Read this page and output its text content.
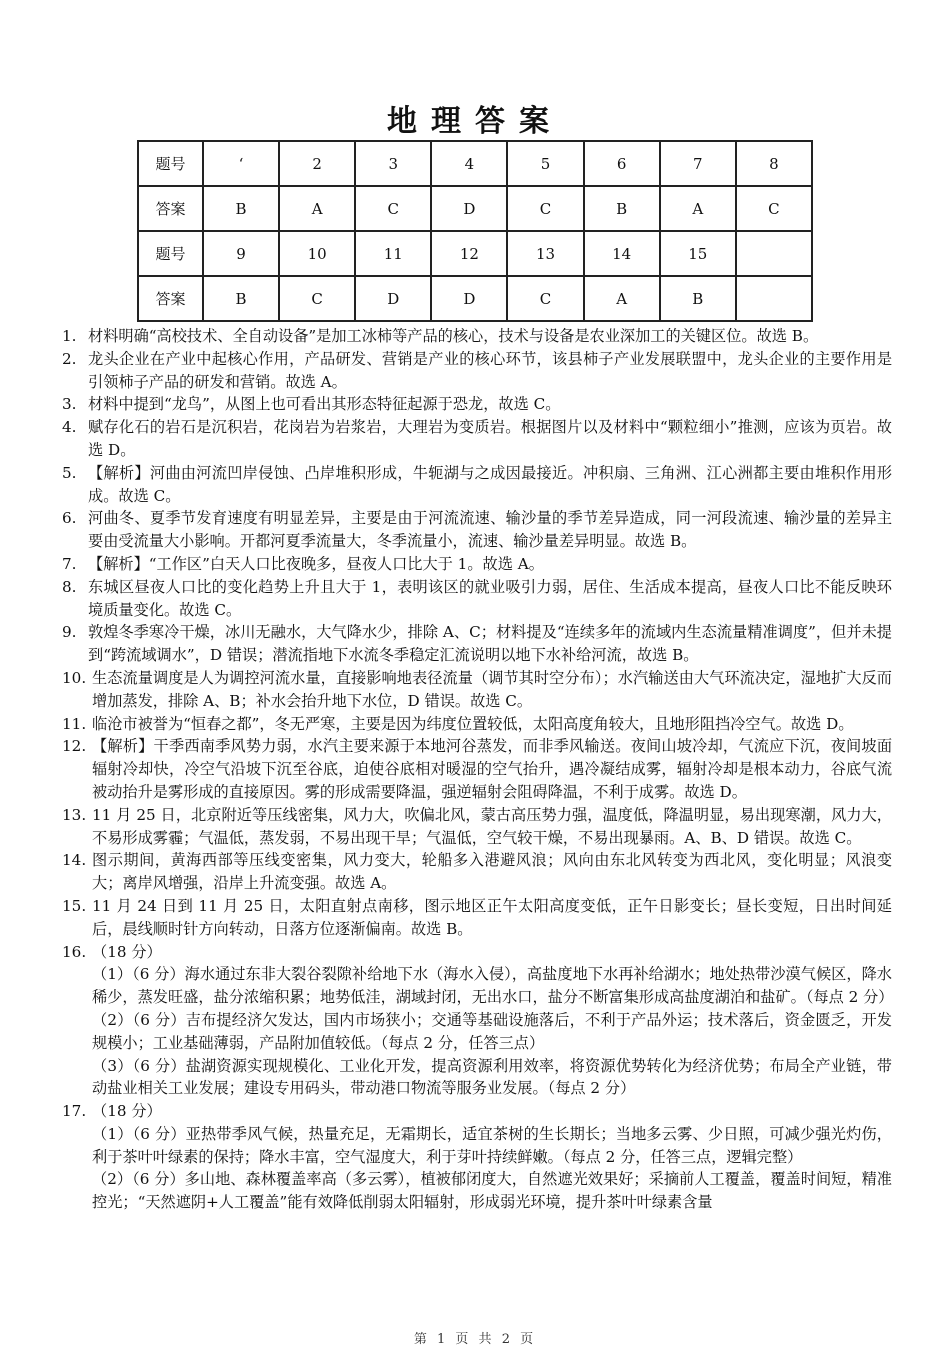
地理答案
题号	‘	2	3	4	5	6	7	8
答案	B	A	C	D	C	B	A	C
题号	9	10	11	12	13	14	15	
答案	B	C	D	D	C	A	B	
1. 材料明确“高校技术、全自动设备”是加工冰柿等产品的核心，技术与设备是农业深加工的关键区位。故选 B。
2. 龙头企业在产业中起核心作用，产品研发、营销是产业的核心环节，该县柿子产业发展联盟中，龙头企业的主要作用是引领柿子产品的研发和营销。故选 A。
3. 材料中提到“龙鸟”，从图上也可看出其形态特征起源于恐龙，故选 C。
4. 赋存化石的岩石是沉积岩，花岗岩为岩浆岩，大理岩为变质岩。根据图片以及材料中“颗粒细小”推测，应该为页岩。故选 D。
5. 【解析】河曲由河流凹岸侵蚀、凸岸堆积形成，牛轭湖与之成因最接近。冲积扇、三角洲、江心洲都主要由堆积作用形成。故选 C。
6. 河曲冬、夏季节发育速度有明显差异，主要是由于河流流速、输沙量的季节差异造成，同一河段流速、输沙量的差异主要由受流量大小影响。开都河夏季流量大，冬季流量小，流速、输沙量差异明显。故选 B。
7. 【解析】“工作区”白天人口比夜晚多，昼夜人口比大于 1。故选 A。
8. 东城区昼夜人口比的变化趋势上升且大于 1，表明该区的就业吸引力弱，居住、生活成本提高，昼夜人口比不能反映环境质量变化。故选 C。
9. 敦煌冬季寒冷干燥，冰川无融水，大气降水少，排除 A、C；材料提及“连续多年的流域内生态流量精准调度”，但并未提到“跨流域调水”，D 错误；潜流指地下水流冬季稳定汇流说明以地下水补给河流，故选 B。
10. 生态流量调度是人为调控河流水量，直接影响地表径流量（调节其时空分布）；水汽输送由大气环流决定，湿地扩大反而增加蒸发，排除 A、B；补水会抬升地下水位，D 错误。故选 C。
11. 临沧市被誉为“恒春之都”，冬无严寒，主要是因为纬度位置较低，太阳高度角较大，且地形阻挡冷空气。故选 D。
12. 【解析】干季西南季风势力弱，水汽主要来源于本地河谷蒸发，而非季风输送。夜间山坡冷却，气流应下沉，夜间坡面辐射冷却快，冷空气沿坡下沉至谷底，迫使谷底相对暖湿的空气抬升，遇冷凝结成雾，辐射冷却是根本动力，谷底气流被动抬升是雾形成的直接原因。雾的形成需要降温，强逆辐射会阻碍降温，不利于成雾。故选 D。
13. 11 月 25 日，北京附近等压线密集，风力大，吹偏北风，蒙古高压势力强，温度低，降温明显，易出现寒潮，风力大，不易形成雾霾；气温低，蒸发弱，不易出现干旱；气温低，空气较干燥，不易出现暴雨。A、B、D 错误。故选 C。
14. 图示期间，黄海西部等压线变密集，风力变大，轮船多入港避风浪；风向由东北风转变为西北风，变化明显；风浪变大；离岸风增强，沿岸上升流变强。故选 A。
15. 11 月 24 日到 11 月 25 日，太阳直射点南移，图示地区正午太阳高度变低，正午日影变长；昼长变短，日出时间延后，晨线顺时针方向转动，日落方位逐渐偏南。故选 B。
16. （18 分）
（1）（6 分）海水通过东非大裂谷裂隙补给地下水（海水入侵），高盐度地下水再补给湖水；地处热带沙漠气候区，降水稀少，蒸发旺盛，盐分浓缩积累；地势低洼，湖域封闭，无出水口，盐分不断富集形成高盐度湖泊和盐矿。（每点 2 分）
（2）（6 分）吉布提经济欠发达，国内市场狭小；交通等基础设施落后，不利于产品外运；技术落后，资金匮乏，开发规模小；工业基础薄弱，产品附加值较低。（每点 2 分，任答三点）
（3）（6 分）盐湖资源实现规模化、工业化开发，提高资源利用效率，将资源优势转化为经济优势；布局全产业链，带动盐业相关工业发展；建设专用码头，带动港口物流等服务业发展。（每点 2 分）
17. （18 分）
（1）（6 分）亚热带季风气候，热量充足，无霜期长，适宜茶树的生长期长；当地多云雾、少日照，可减少强光灼伤，利于茶叶叶绿素的保持；降水丰富，空气湿度大，利于芽叶持续鲜嫩。（每点 2 分，任答三点，逻辑完整）
（2）（6 分）多山地、森林覆盖率高（多云雾），植被郁闭度大，自然遮光效果好；采摘前人工覆盖，覆盖时间短，精准控光；“天然遮阴+人工覆盖”能有效降低削弱太阳辐射，形成弱光环境，提升茶叶叶绿素含量
第 1 页 共 2 页
